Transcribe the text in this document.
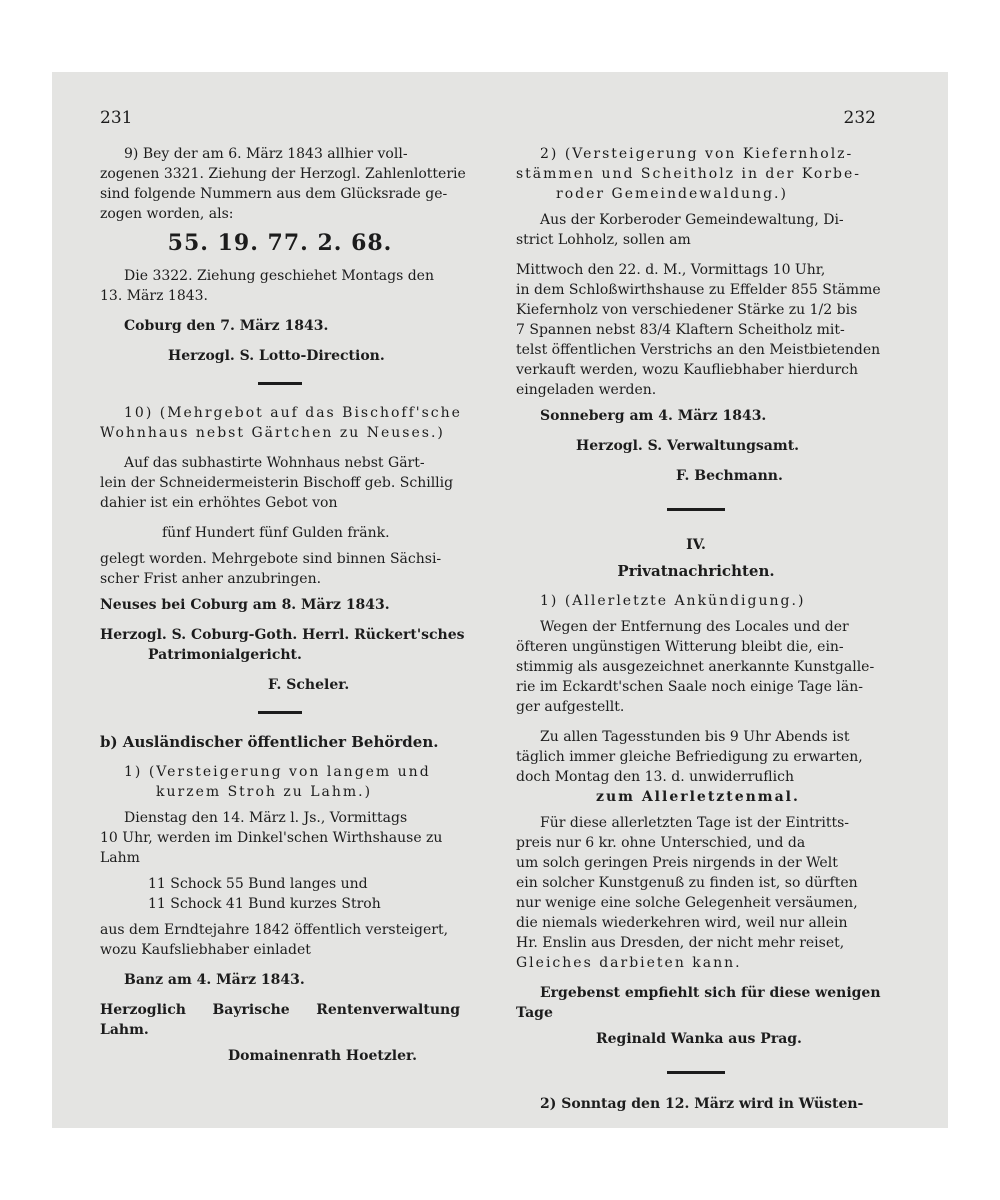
231	232
9) Bey der am 6. März 1843 allhier voll-
zogenen 3321. Ziehung der Herzogl. Zahlenlotterie
sind folgende Nummern aus dem Glücksrade ge-
zogen worden, als:
55. 19. 77. 2. 68.
Die 3322. Ziehung geschiehet Montags den
13. März 1843.
Coburg den 7. März 1843.
Herzogl. S. Lotto-Direction.
10) (Mehrgebot auf das Bischoff'sche
Wohnhaus nebst Gärtchen zu Neuses.)
Auf das subhastirte Wohnhaus nebst Gärt-
lein der Schneidermeisterin Bischoff geb. Schillig
dahier ist ein erhöhtes Gebot von
fünf Hundert fünf Gulden fränk.
gelegt worden. Mehrgebote sind binnen Sächsi-
scher Frist anher anzubringen.
Neuses bei Coburg am 8. März 1843.
Herzogl. S. Coburg-Goth. Herrl. Rückert'sches
Patrimonialgericht.
F. Scheler.
b) Ausländischer öffentlicher Behörden.
1) (Versteigerung von langem und
kurzem Stroh zu Lahm.)
Dienstag den 14. März l. Js., Vormittags
10 Uhr, werden im Dinkel'schen Wirthshause zu
Lahm
11 Schock 55 Bund langes und
11 Schock 41 Bund kurzes Stroh
aus dem Erndtejahre 1842 öffentlich versteigert,
wozu Kaufsliebhaber einladet
Banz am 4. März 1843.
Herzoglich Bayrische Rentenverwaltung Lahm.
Domainenrath Hoetzler.
2) (Versteigerung von Kiefernholz-
stämmen und Scheitholz in der Korbe-
roder Gemeindewaldung.)
Aus der Korberoder Gemeindewaltung, Di-
strict Lohholz, sollen am
Mittwoch den 22. d. M., Vormittags 10 Uhr,
in dem Schloßwirthshause zu Effelder 855 Stämme
Kiefernholz von verschiedener Stärke zu 1/2 bis
7 Spannen nebst 83/4 Klaftern Scheitholz mit-
telst öffentlichen Verstrichs an den Meistbietenden
verkauft werden, wozu Kaufliebhaber hierdurch
eingeladen werden.
Sonneberg am 4. März 1843.
Herzogl. S. Verwaltungsamt.
F. Bechmann.
IV.
Privatnachrichten.
1) (Allerletzte Ankündigung.)
Wegen der Entfernung des Locales und der
öfteren ungünstigen Witterung bleibt die, ein-
stimmig als ausgezeichnet anerkannte Kunstgalle-
rie im Eckardt'schen Saale noch einige Tage län-
ger aufgestellt.
Zu allen Tagesstunden bis 9 Uhr Abends ist
täglich immer gleiche Befriedigung zu erwarten,
doch Montag den 13. d. unwiderruflich
zum Allerletztenmal.
Für diese allerletzten Tage ist der Eintritts-
preis nur 6 kr. ohne Unterschied, und da
um solch geringen Preis nirgends in der Welt
ein solcher Kunstgenuß zu finden ist, so dürften
nur wenige eine solche Gelegenheit versäumen,
die niemals wiederkehren wird, weil nur allein
Hr. Enslin aus Dresden, der nicht mehr reiset,
Gleiches darbieten kann.
Ergebenst empfiehlt sich für diese wenigen
Tage
Reginald Wanka aus Prag.
2) Sonntag den 12. März wird in Wüsten-
